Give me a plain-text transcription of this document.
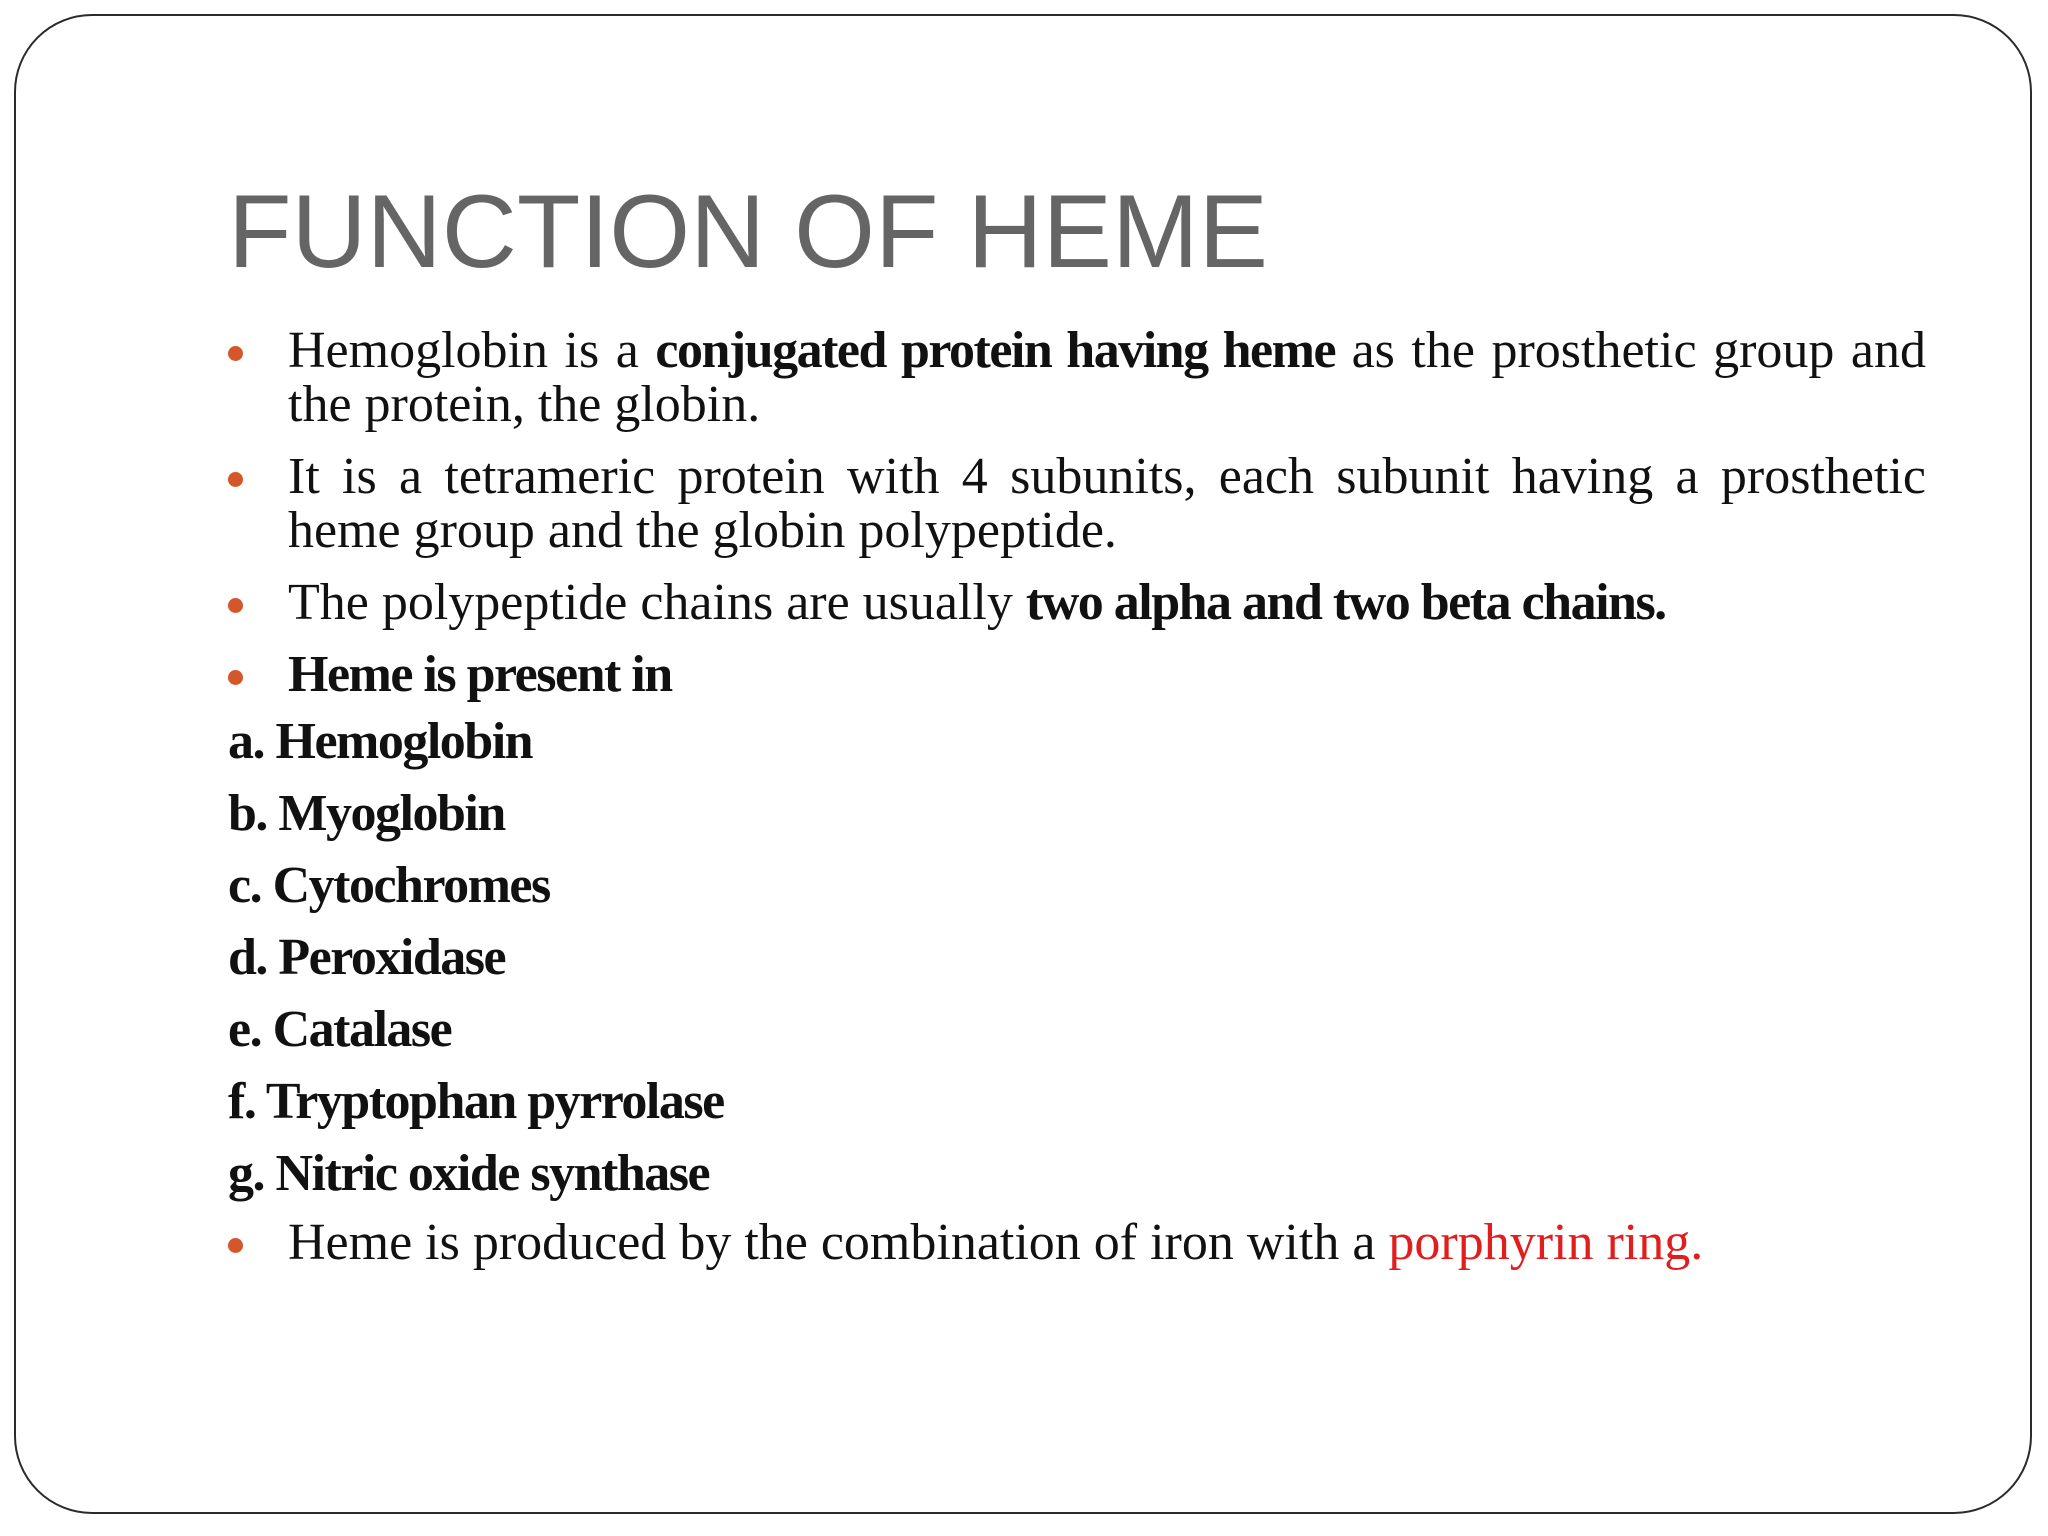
FUNCTION OF HEME
Hemoglobin is a conjugated protein having heme as the prosthetic group and the protein, the globin.
It is a tetrameric protein with 4 subunits, each subunit having a prosthetic heme group and the globin polypeptide.
The polypeptide chains are usually two alpha and two beta chains.
Heme is present in
a. Hemoglobin
b. Myoglobin
c. Cytochromes
d. Peroxidase
e. Catalase
f. Tryptophan pyrrolase
g. Nitric oxide synthase
Heme is produced by the combination of iron with a porphyrin ring.
